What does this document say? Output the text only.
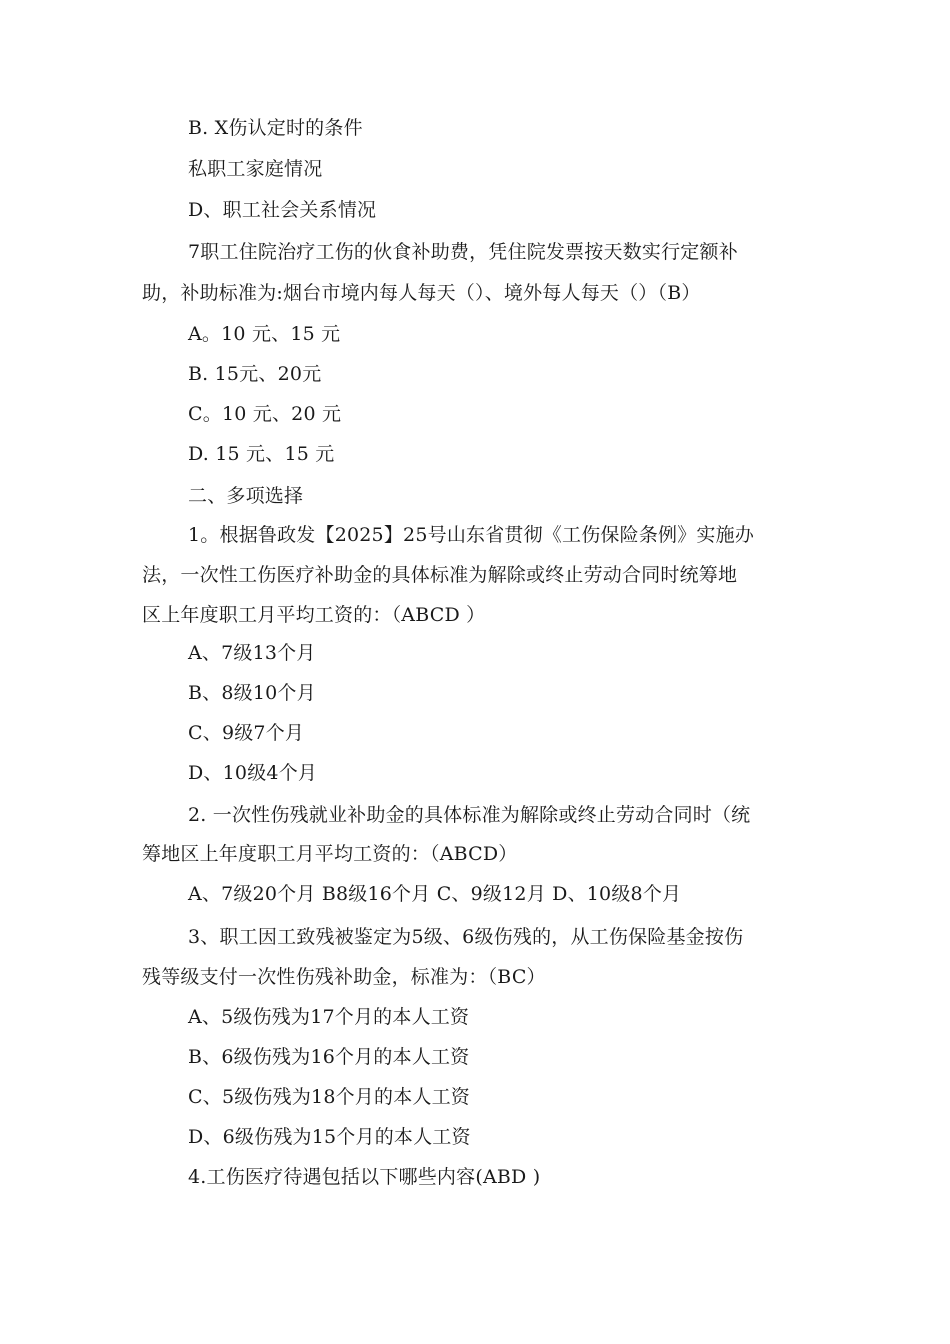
B. X伤认定时的条件
私职工家庭情况
D、职工社会关系情况
7职工住院治疗工伤的伙食补助费，凭住院发票按天数实行定额补
助，补助标准为:烟台市境内每人每天（）、境外每人每天（）（B）
A。10 元、15 元
B. 15元、20元
C。10 元、20 元
D. 15 元、15 元
二、多项选择
1。根据鲁政发【2025】25号山东省贯彻《工伤保险条例》实施办
法，一次性工伤医疗补助金的具体标准为解除或终止劳动合同时统筹地
区上年度职工月平均工资的：（ABCD ）
A、7级13个月
B、8级10个月
C、9级7个月
D、10级4个月
2. 一次性伤残就业补助金的具体标准为解除或终止劳动合同时（统
筹地区上年度职工月平均工资的：（ABCD）
A、7级20个月 B8级16个月 C、9级12月 D、10级8个月
3、职工因工致残被鉴定为5级、6级伤残的，从工伤保险基金按伤
残等级支付一次性伤残补助金，标准为：（BC）
A、5级伤残为17个月的本人工资
B、6级伤残为16个月的本人工资
C、5级伤残为18个月的本人工资
D、6级伤残为15个月的本人工资
4.工伤医疗待遇包括以下哪些内容(ABD )
